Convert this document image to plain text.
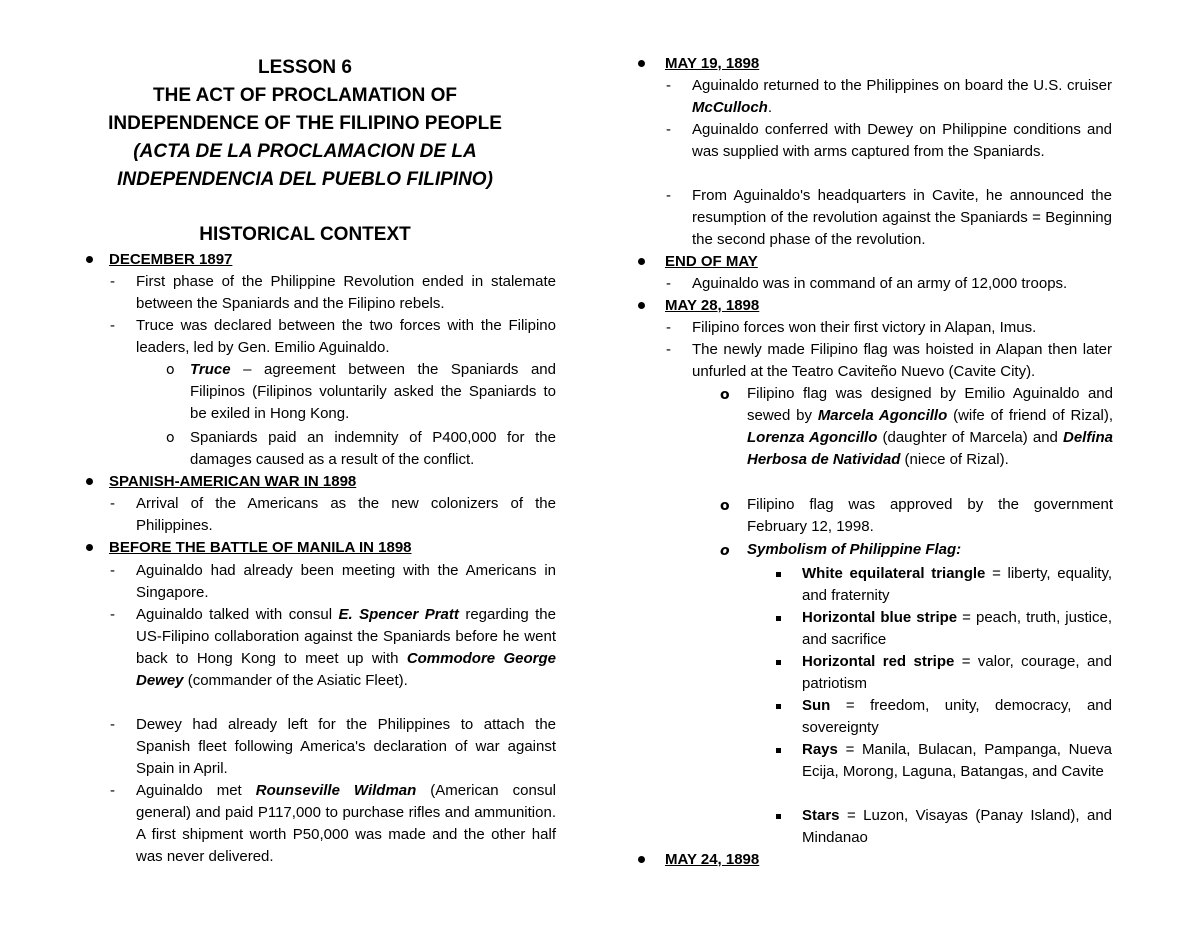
LESSON 6
THE ACT OF PROCLAMATION OF
INDEPENDENCE OF THE FILIPINO PEOPLE
(ACTA DE LA PROCLAMACION DE LA
INDEPENDENCIA DEL PUEBLO FILIPINO)
HISTORICAL CONTEXT
DECEMBER 1897
- First phase of the Philippine Revolution ended in stalemate between the Spaniards and the Filipino rebels.
- Truce was declared between the two forces with the Filipino leaders, led by Gen. Emilio Aguinaldo.
o Truce – agreement between the Spaniards and Filipinos (Filipinos voluntarily asked the Spaniards to be exiled in Hong Kong.
o Spaniards paid an indemnity of P400,000 for the damages caused as a result of the conflict.
SPANISH-AMERICAN WAR IN 1898
- Arrival of the Americans as the new colonizers of the Philippines.
BEFORE THE BATTLE OF MANILA IN 1898
- Aguinaldo had already been meeting with the Americans in Singapore.
- Aguinaldo talked with consul E. Spencer Pratt regarding the US-Filipino collaboration against the Spaniards before he went back to Hong Kong to meet up with Commodore George Dewey (commander of the Asiatic Fleet).
- Dewey had already left for the Philippines to attach the Spanish fleet following America's declaration of war against Spain in April.
- Aguinaldo met Rounseville Wildman (American consul general) and paid P117,000 to purchase rifles and ammunition. A first shipment worth P50,000 was made and the other half was never delivered.
MAY 19, 1898
- Aguinaldo returned to the Philippines on board the U.S. cruiser McCulloch.
- Aguinaldo conferred with Dewey on Philippine conditions and was supplied with arms captured from the Spaniards.
- From Aguinaldo's headquarters in Cavite, he announced the resumption of the revolution against the Spaniards = Beginning the second phase of the revolution.
END OF MAY
- Aguinaldo was in command of an army of 12,000 troops.
MAY 28, 1898
- Filipino forces won their first victory in Alapan, Imus.
- The newly made Filipino flag was hoisted in Alapan then later unfurled at the Teatro Caviteño Nuevo (Cavite City).
o Filipino flag was designed by Emilio Aguinaldo and sewed by Marcela Agoncillo (wife of friend of Rizal), Lorenza Agoncillo (daughter of Marcela) and Delfina Herbosa de Natividad (niece of Rizal).
o Filipino flag was approved by the government February 12, 1998.
o Symbolism of Philippine Flag:
White equilateral triangle = liberty, equality, and fraternity
Horizontal blue stripe = peach, truth, justice, and sacrifice
Horizontal red stripe = valor, courage, and patriotism
Sun = freedom, unity, democracy, and sovereignty
Rays = Manila, Bulacan, Pampanga, Nueva Ecija, Morong, Laguna, Batangas, and Cavite
Stars = Luzon, Visayas (Panay Island), and Mindanao
MAY 24, 1898
